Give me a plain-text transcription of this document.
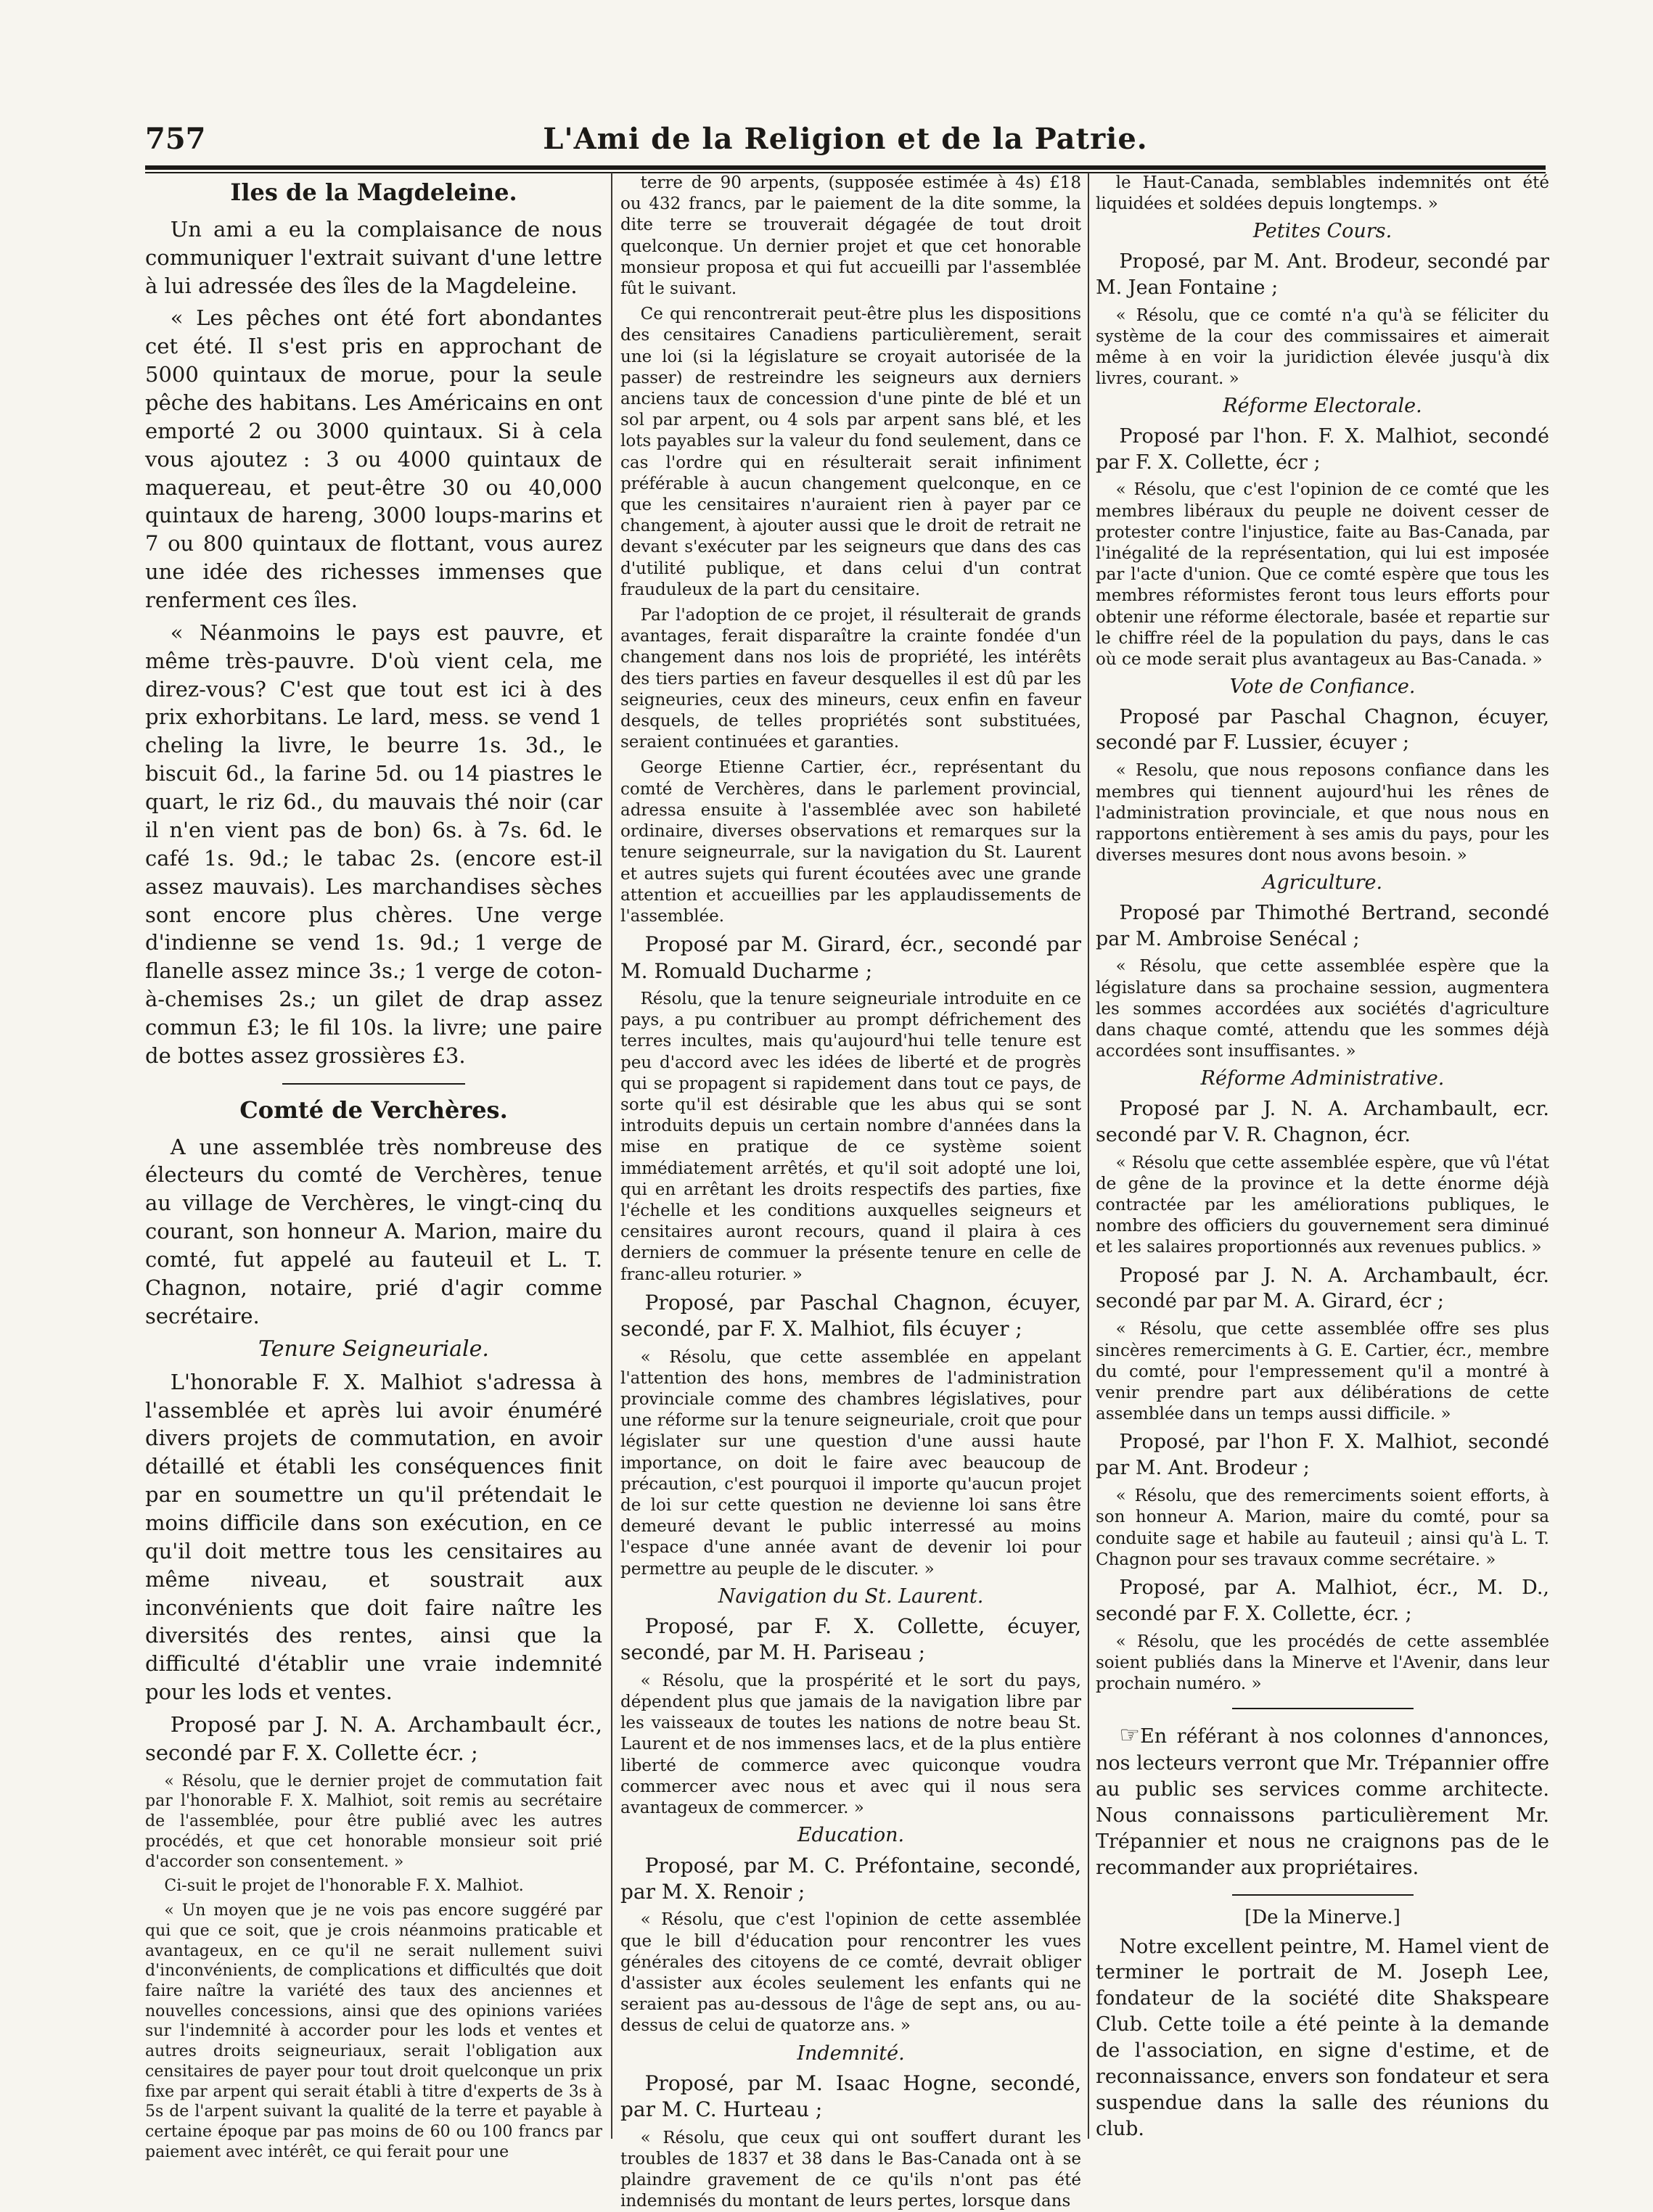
757	L'Ami de la Religion et de la Patrie.
Iles de la Magdeleine.

Un ami a eu la complaisance de nous communiquer l'extrait suivant d'une lettre à lui adressée des îles de la Magdeleine.

« Les pêches ont été fort abondantes cet été. Il s'est pris en approchant de 5000 quintaux de morue, pour la seule pêche des habitans. Les Américains en ont emporté 2 ou 3000 quintaux. Si à cela vous ajoutez : 3 ou 4000 quintaux de maquereau, et peut-être 30 ou 40,000 quintaux de hareng, 3000 loups-marins et 7 ou 800 quintaux de flottant, vous aurez une idée des richesses immenses que renferment ces îles.

« Néanmoins le pays est pauvre, et même très-pauvre. D'où vient cela, me direz-vous? C'est que tout est ici à des prix exhorbitans. Le lard, mess. se vend 1 cheling la livre, le beurre 1s. 3d., le biscuit 6d., la farine 5d. ou 14 piastres le quart, le riz 6d., du mauvais thé noir (car il n'en vient pas de bon) 6s. à 7s. 6d. le café 1s. 9d.; le tabac 2s. (encore est-il assez mauvais). Les marchandises sèches sont encore plus chères. Une verge d'indienne se vend 1s. 9d.; 1 verge de flanelle assez mince 3s.; 1 verge de coton-à-chemises 2s.; un gilet de drap assez commun £3; le fil 10s. la livre; une paire de bottes assez grossières £3.

Comté de Verchères.

A une assemblée très nombreuse des électeurs du comté de Verchères, tenue au village de Verchères, le vingt-cinq du courant, son honneur A. Marion, maire du comté, fut appelé au fauteuil et L. T. Chagnon, notaire, prié d'agir comme secrétaire.

Tenure Seigneuriale.

L'honorable F. X. Malhiot s'adressa à l'assemblée et après lui avoir énuméré divers projets de commutation, en avoir détaillé et établi les conséquences finit par en soumettre un qu'il prétendait le moins difficile dans son exécution, en ce qu'il doit mettre tous les censitaires au même niveau, et soustrait aux inconvénients que doit faire naître les diversités des rentes, ainsi que la difficulté d'établir une vraie indemnité pour les lods et ventes.

Proposé par J. N. A. Archambault écr., secondé par F. X. Collette écr. ;

« Résolu, que le dernier projet de commutation fait par l'honorable F. X. Malhiot, soit remis au secrétaire de l'assemblée, pour être publié avec les autres procédés, et que cet honorable monsieur soit prié d'accorder son consentement. »

Ci-suit le projet de l'honorable F. X. Malhiot.

« Un moyen que je ne vois pas encore suggéré par qui que ce soit, que je crois néanmoins praticable et avantageux, en ce qu'il ne serait nullement suivi d'inconvénients, de complications et difficultés que doit faire naître la variété des taux des anciennes et nouvelles concessions, ainsi que des opinions variées sur l'indemnité à accorder pour les lods et ventes et autres droits seigneuriaux, serait l'obligation aux censitaires de payer pour tout droit quelconque un prix fixe par arpent qui serait établi à titre d'experts de 3s à 5s de l'arpent suivant la qualité de la terre et payable à certaine époque par pas moins de 60 ou 100 francs par paiement avec intérêt, ce qui ferait pour une

terre de 90 arpents, (supposée estimée à 4s) £18 ou 432 francs, par le paiement de la dite somme, la dite terre se trouverait dégagée de tout droit quelconque. Un dernier projet et que cet honorable monsieur proposa et qui fut accueilli par l'assemblée fût le suivant.

Ce qui rencontrerait peut-être plus les dispositions des censitaires Canadiens particulièrement, serait une loi (si la législature se croyait autorisée de la passer) de restreindre les seigneurs aux derniers anciens taux de concession d'une pinte de blé et un sol par arpent, ou 4 sols par arpent sans blé, et les lots payables sur la valeur du fond seulement, dans ce cas l'ordre qui en résulterait serait infiniment préférable à aucun changement quelconque, en ce que les censitaires n'auraient rien à payer par ce changement, à ajouter aussi que le droit de retrait ne devant s'exécuter par les seigneurs que dans des cas d'utilité publique, et dans celui d'un contrat frauduleux de la part du censitaire.

Par l'adoption de ce projet, il résulterait de grands avantages, ferait disparaître la crainte fondée d'un changement dans nos lois de propriété, les intérêts des tiers parties en faveur desquelles il est dû par les seigneuries, ceux des mineurs, ceux enfin en faveur desquels, de telles propriétés sont substituées, seraient continuées et garanties.

George Etienne Cartier, écr., représentant du comté de Verchères, dans le parlement provincial, adressa ensuite à l'assemblée avec son habileté ordinaire, diverses observations et remarques sur la tenure seigneurrale, sur la navigation du St. Laurent et autres sujets qui furent écoutées avec une grande attention et accueillies par les applaudissements de l'assemblée.

Proposé par M. Girard, écr., secondé par M. Romuald Ducharme ;

Résolu, que la tenure seigneuriale introduite en ce pays, a pu contribuer au prompt défrichement des terres incultes, mais qu'aujourd'hui telle tenure est peu d'accord avec les idées de liberté et de progrès qui se propagent si rapidement dans tout ce pays, de sorte qu'il est désirable que les abus qui se sont introduits depuis un certain nombre d'années dans la mise en pratique de ce système soient immédiatement arrêtés, et qu'il soit adopté une loi, qui en arrêtant les droits respectifs des parties, fixe l'échelle et les conditions auxquelles seigneurs et censitaires auront recours, quand il plaira à ces derniers de commuer la présente tenure en celle de franc-alleu roturier. »

Proposé, par Paschal Chagnon, écuyer, secondé, par F. X. Malhiot, fils écuyer ;

« Résolu, que cette assemblée en appelant l'attention des hons, membres de l'administration provinciale comme des chambres législatives, pour une réforme sur la tenure seigneuriale, croit que pour législater sur une question d'une aussi haute importance, on doit le faire avec beaucoup de précaution, c'est pourquoi il importe qu'aucun projet de loi sur cette question ne devienne loi sans être demeuré devant le public interressé au moins l'espace d'une année avant de devenir loi pour permettre au peuple de le discuter. »

Navigation du St. Laurent.

Proposé, par F. X. Collette, écuyer, secondé, par M. H. Pariseau ;

« Résolu, que la prospérité et le sort du pays, dépendent plus que jamais de la navigation libre par les vaisseaux de toutes les nations de notre beau St. Laurent et de nos immenses lacs, et de la plus entière liberté de commerce avec quiconque voudra commercer avec nous et avec qui il nous sera avantageux de commercer. »

Education.

Proposé, par M. C. Préfontaine, secondé, par M. X. Renoir ;

« Résolu, que c'est l'opinion de cette assemblée que le bill d'éducation pour rencontrer les vues générales des citoyens de ce comté, devrait obliger d'assister aux écoles seulement les enfants qui ne seraient pas au-dessous de l'âge de sept ans, ou au-dessus de celui de quatorze ans. »

Indemnité.

Proposé, par M. Isaac Hogne, secondé, par M. C. Hurteau ;

« Résolu, que ceux qui ont souffert durant les troubles de 1837 et 38 dans le Bas-Canada ont à se plaindre gravement de ce qu'ils n'ont pas été indemnisés du montant de leurs pertes, lorsque dans

le Haut-Canada, semblables indemnités ont été liquidées et soldées depuis longtemps. »

Petites Cours.

Proposé, par M. Ant. Brodeur, secondé par M. Jean Fontaine ;

« Résolu, que ce comté n'a qu'à se féliciter du système de la cour des commissaires et aimerait même à en voir la juridiction élevée jusqu'à dix livres, courant. »

Réforme Electorale.

Proposé par l'hon. F. X. Malhiot, secondé par F. X. Collette, écr ;

« Résolu, que c'est l'opinion de ce comté que les membres libéraux du peuple ne doivent cesser de protester contre l'injustice, faite au Bas-Canada, par l'inégalité de la représentation, qui lui est imposée par l'acte d'union. Que ce comté espère que tous les membres réformistes feront tous leurs efforts pour obtenir une réforme électorale, basée et repartie sur le chiffre réel de la population du pays, dans le cas où ce mode serait plus avantageux au Bas-Canada. »

Vote de Confiance.

Proposé par Paschal Chagnon, écuyer, secondé par F. Lussier, écuyer ;

« Resolu, que nous reposons confiance dans les membres qui tiennent aujourd'hui les rênes de l'administration provinciale, et que nous nous en rapportons entièrement à ses amis du pays, pour les diverses mesures dont nous avons besoin. »

Agriculture.

Proposé par Thimothé Bertrand, secondé par M. Ambroise Senécal ;

« Résolu, que cette assemblée espère que la législature dans sa prochaine session, augmentera les sommes accordées aux sociétés d'agriculture dans chaque comté, attendu que les sommes déjà accordées sont insuffisantes. »

Réforme Administrative.

Proposé par J. N. A. Archambault, ecr. secondé par V. R. Chagnon, écr.

« Résolu que cette assemblée espère, que vû l'état de gêne de la province et la dette énorme déjà contractée par les améliorations publiques, le nombre des officiers du gouvernement sera diminué et les salaires proportionnés aux revenues publics. »

Proposé par J. N. A. Archambault, écr. secondé par par M. A. Girard, écr ;

« Résolu, que cette assemblée offre ses plus sincères remerciments à G. E. Cartier, écr., membre du comté, pour l'empressement qu'il a montré à venir prendre part aux délibérations de cette assemblée dans un temps aussi difficile. »

Proposé, par l'hon F. X. Malhiot, secondé par M. Ant. Brodeur ;

« Résolu, que des remerciments soient efforts, à son honneur A. Marion, maire du comté, pour sa conduite sage et habile au fauteuil ; ainsi qu'à L. T. Chagnon pour ses travaux comme secrétaire. »

Proposé, par A. Malhiot, écr., M. D., secondé par F. X. Collette, écr. ;

« Résolu, que les procédés de cette assemblée soient publiés dans la Minerve et l'Avenir, dans leur prochain numéro. »

☞En référant à nos colonnes d'annonces, nos lecteurs verront que Mr. Trépannier offre au public ses services comme architecte. Nous connaissons particulièrement Mr. Trépannier et nous ne craignons pas de le recommander aux propriétaires.

[De la Minerve.]

Notre excellent peintre, M. Hamel vient de terminer le portrait de M. Joseph Lee, fondateur de la société dite Shakspeare Club. Cette toile a été peinte à la demande de l'association, en signe d'estime, et de reconnaissance, envers son fondateur et sera suspendue dans la salle des réunions du club.
